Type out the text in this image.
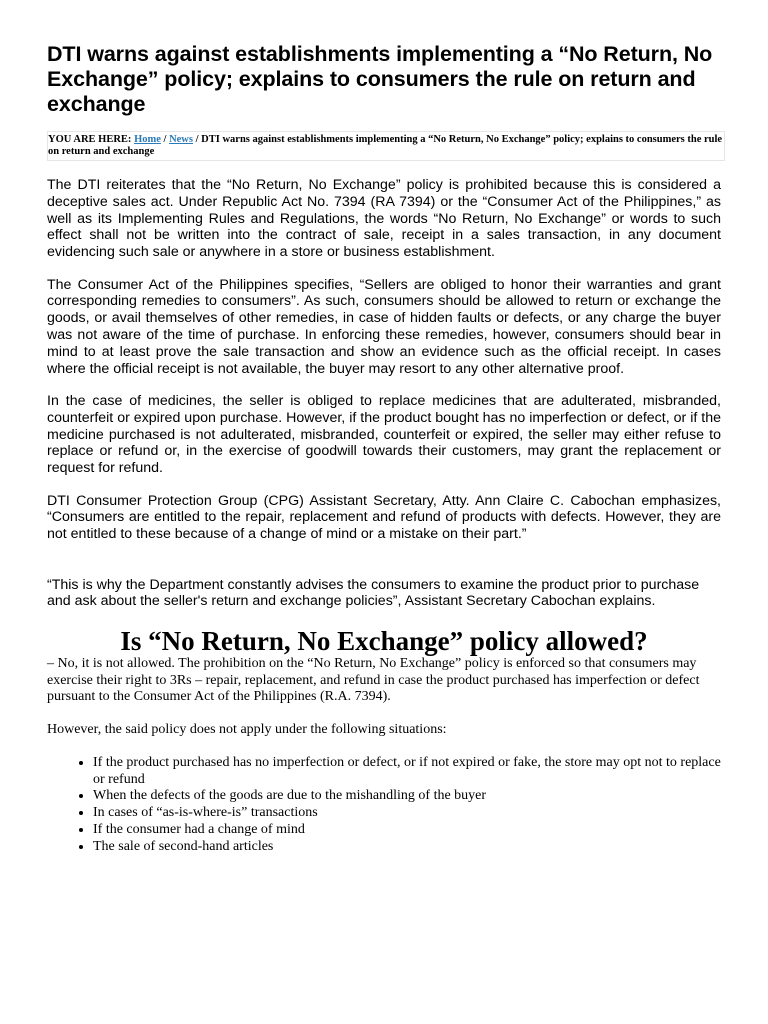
DTI warns against establishments implementing a “No Return, No Exchange” policy; explains to consumers the rule on return and exchange
YOU ARE HERE: Home / News / DTI warns against establishments implementing a “No Return, No Exchange” policy; explains to consumers the rule on return and exchange

The DTI reiterates that the “No Return, No Exchange” policy is prohibited because this is considered a deceptive sales act. Under Republic Act No. 7394 (RA 7394) or the “Consumer Act of the Philippines,” as well as its Implementing Rules and Regulations, the words “No Return, No Exchange” or words to such effect shall not be written into the contract of sale, receipt in a sales transaction, in any document evidencing such sale or anywhere in a store or business establishment.

The Consumer Act of the Philippines specifies, “Sellers are obliged to honor their warranties and grant corresponding remedies to consumers”. As such, consumers should be allowed to return or exchange the goods, or avail themselves of other remedies, in case of hidden faults or defects, or any charge the buyer was not aware of the time of purchase. In enforcing these remedies, however, consumers should bear in mind to at least prove the sale transaction and show an evidence such as the official receipt. In cases where the official receipt is not available, the buyer may resort to any other alternative proof.

In the case of medicines, the seller is obliged to replace medicines that are adulterated, misbranded, counterfeit or expired upon purchase. However, if the product bought has no imperfection or defect, or if the medicine purchased is not adulterated, misbranded, counterfeit or expired, the seller may either refuse to replace or refund or, in the exercise of goodwill towards their customers, may grant the replacement or request for refund.

DTI Consumer Protection Group (CPG) Assistant Secretary, Atty. Ann Claire C. Cabochan emphasizes, “Consumers are entitled to the repair, replacement and refund of products with defects. However, they are not entitled to these because of a change of mind or a mistake on their part.”

“This is why the Department constantly advises the consumers to examine the product prior to purchase and ask about the seller's return and exchange policies”, Assistant Secretary Cabochan explains.

Is “No Return, No Exchange” policy allowed?

– No, it is not allowed. The prohibition on the “No Return, No Exchange” policy is enforced so that consumers may exercise their right to 3Rs – repair, replacement, and refund in case the product purchased has imperfection or defect pursuant to the Consumer Act of the Philippines (R.A. 7394).

However, the said policy does not apply under the following situations:

• If the product purchased has no imperfection or defect, or if not expired or fake, the store may opt not to replace or refund
• When the defects of the goods are due to the mishandling of the buyer
• In cases of “as-is-where-is” transactions
• If the consumer had a change of mind
• The sale of second-hand articles
